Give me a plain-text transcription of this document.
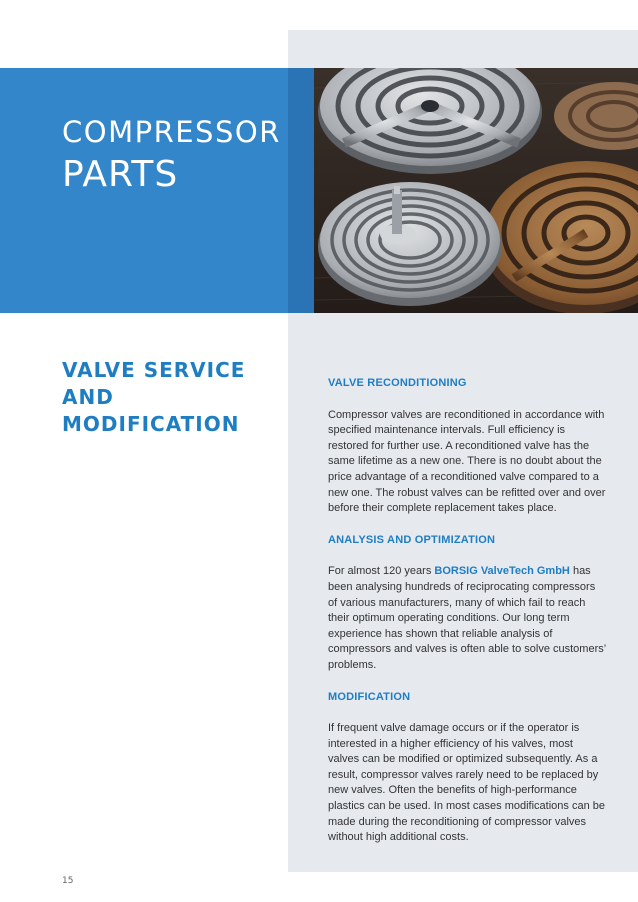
COMPRESSOR
PARTS
VALVE SERVICE
AND
MODIFICATION
VALVE RECONDITIONING

Compressor valves are reconditioned in accordance with specified maintenance intervals. Full efficiency is restored for further use. A reconditioned valve has the same lifetime as a new one. There is no doubt about the price advantage of a reconditioned valve compared to a new one. The robust valves can be refitted over and over before their complete replacement takes place.

ANALYSIS AND OPTIMIZATION

For almost 120 years BORSIG ValveTech GmbH has been analysing hundreds of reciprocating compressors of various manufacturers, many of which fail to reach their optimum operating conditions. Our long term experience has shown that reliable analysis of compressors and valves is often able to solve customers’ problems.

MODIFICATION

If frequent valve damage occurs or if the operator is interested in a higher efficiency of his valves, most valves can be modified or optimized subsequently. As a result, compressor valves rarely need to be replaced by new valves. Often the benefits of high-performance plastics can be used. In most cases modifications can be made during the reconditioning of compressor valves without high additional costs.

15
